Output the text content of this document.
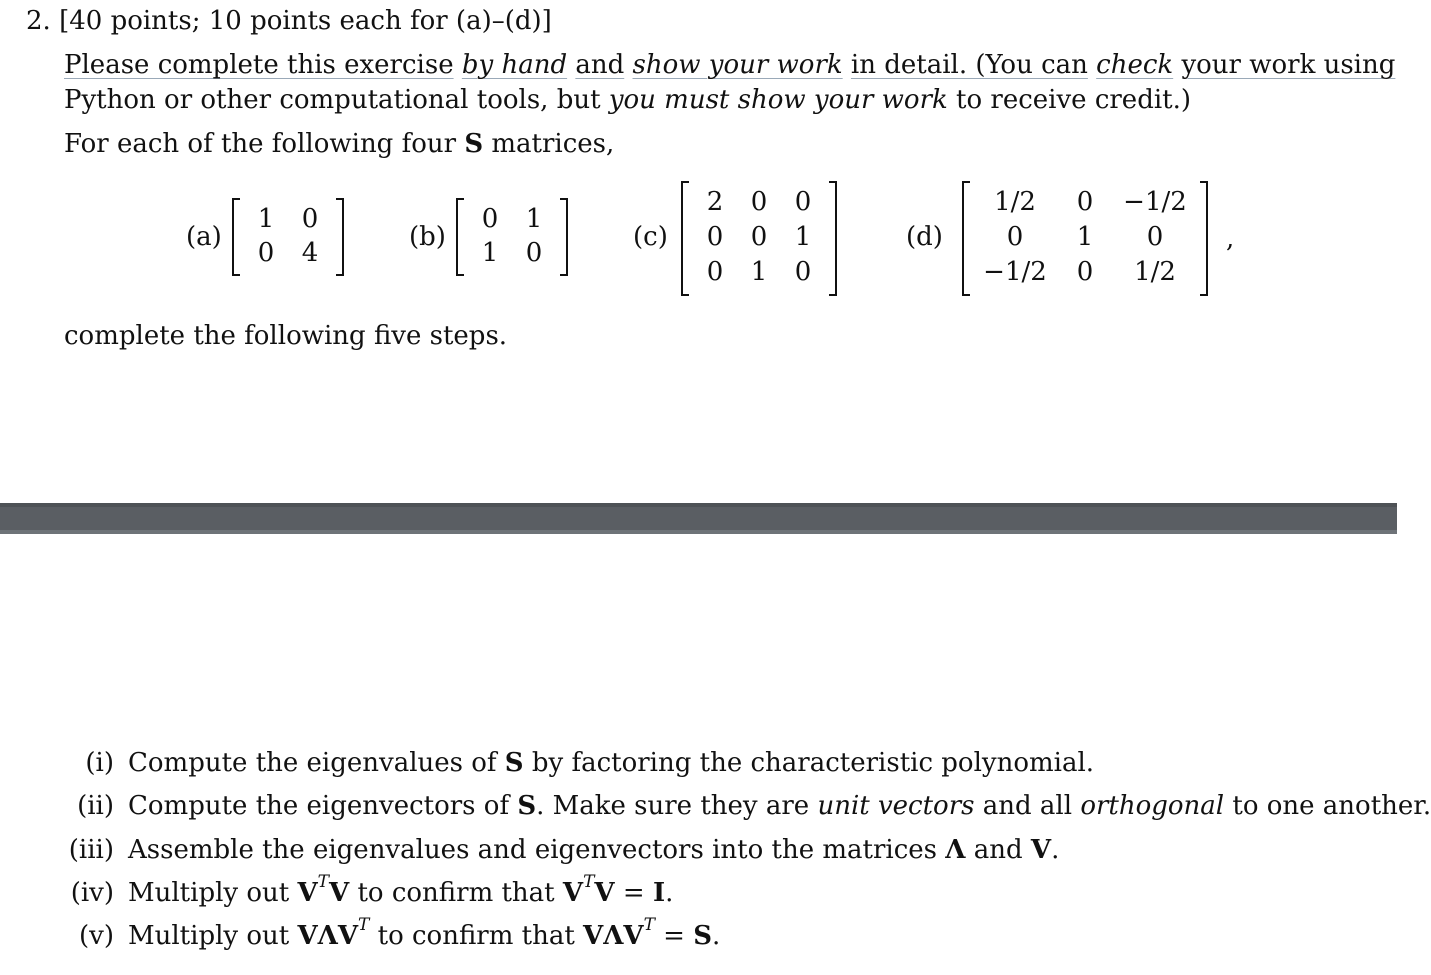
2. [40 points; 10 points each for (a)–(d)]
Please complete this exercise by hand and show your work in detail. (You can check your work using
Python or other computational tools, but you must show your work to receive credit.)
For each of the following four S matrices,
(a)
1	0
0	4
(b)
0	1
1	0
(c)
2	0	0
0	0	1
0	1	0
(d)
1/2	0	−1/2
0	1	0
−1/2	0	1/2
,
complete the following five steps.
(i) Compute the eigenvalues of S by factoring the characteristic polynomial.
(ii) Compute the eigenvectors of S. Make sure they are unit vectors and all orthogonal to one another.
(iii) Assemble the eigenvalues and eigenvectors into the matrices Λ and V.
(iv) Multiply out $V^TV$ to confirm that $V^TV = I$.
(v) Multiply out $V\Lambda V^T$ to confirm that $V\Lambda V^T = S$.
